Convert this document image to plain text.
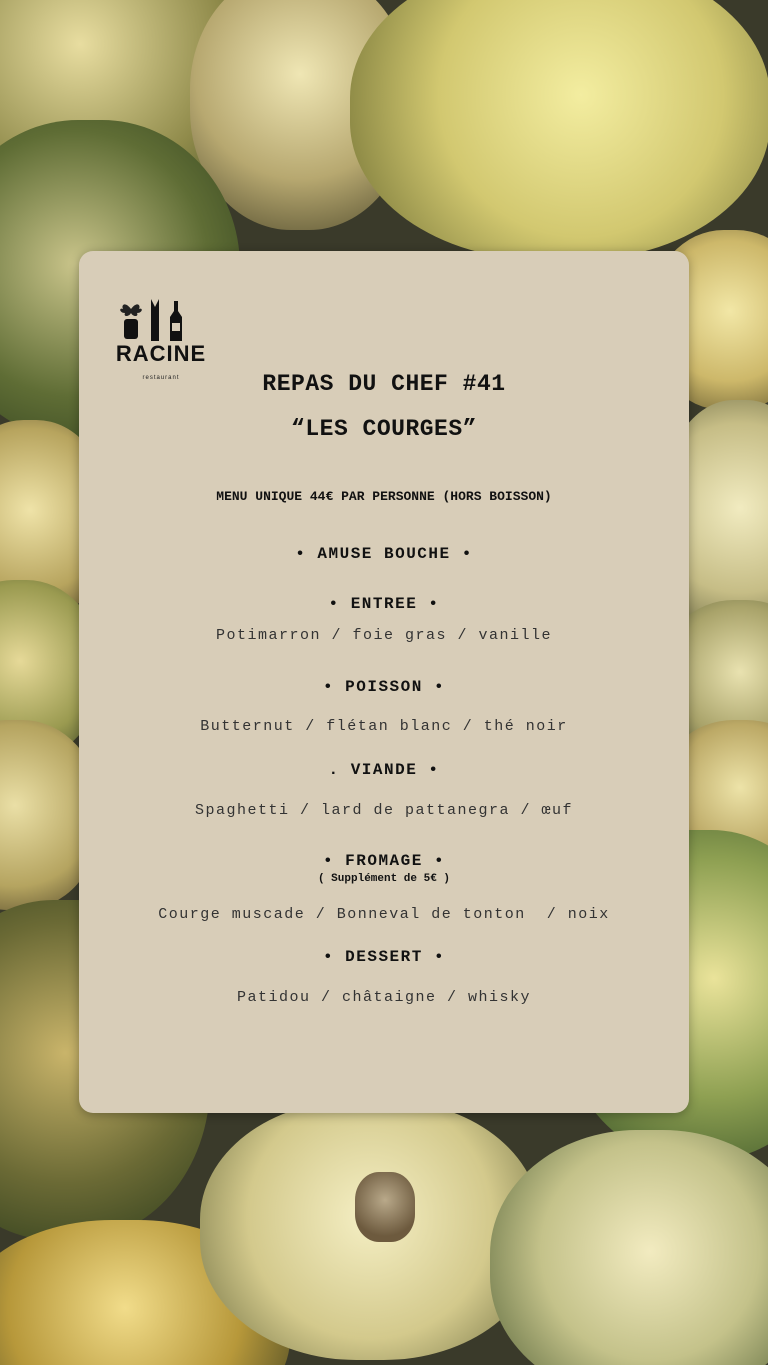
RACINE
restaurant	REPAS DU CHEF #41
“LES COURGES”
MENU UNIQUE 44€ PAR PERSONNE (HORS BOISSON)
• AMUSE BOUCHE •
• ENTREE •
Potimarron / foie gras / vanille
• POISSON •
Butternut / flétan blanc / thé noir
. VIANDE •
Spaghetti / lard de pattanegra / œuf
• FROMAGE •
( Supplément de 5€ )
Courge muscade / Bonneval de tonton  / noix
• DESSERT •
Patidou / châtaigne / whisky
